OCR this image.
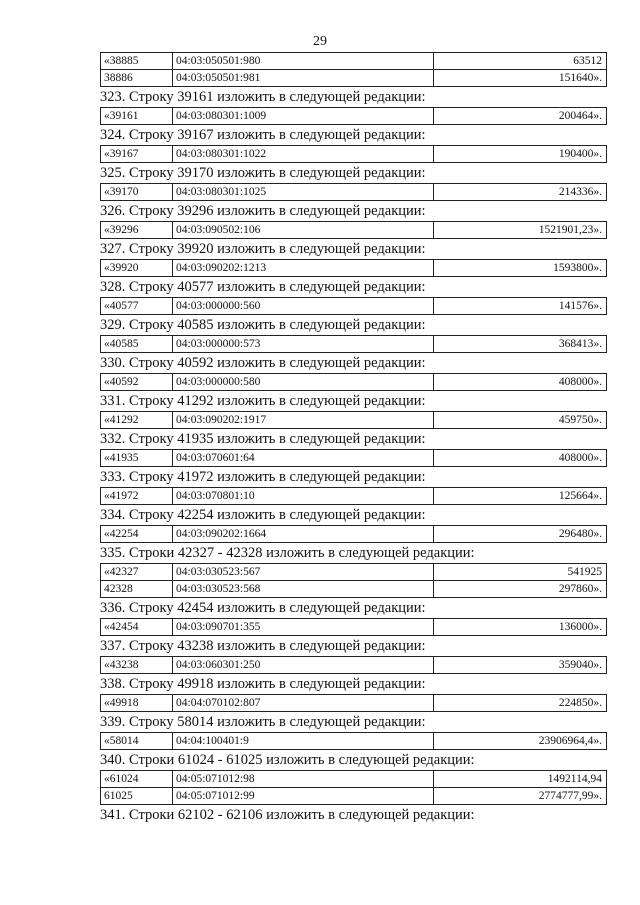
29
«38885	04:03:050501:980	63512
38886	04:03:050501:981	151640».
323. Строку 39161 изложить в следующей редакции:
«39161	04:03:080301:1009	200464».
324. Строку 39167 изложить в следующей редакции:
«39167	04:03:080301:1022	190400».
325. Строку 39170 изложить в следующей редакции:
«39170	04:03:080301:1025	214336».
326. Строку 39296 изложить в следующей редакции:
«39296	04:03:090502:106	1521901,23».
327. Строку 39920 изложить в следующей редакции:
«39920	04:03:090202:1213	1593800».
328. Строку 40577 изложить в следующей редакции:
«40577	04:03:000000:560	141576».
329. Строку 40585 изложить в следующей редакции:
«40585	04:03:000000:573	368413».
330. Строку 40592 изложить в следующей редакции:
«40592	04:03:000000:580	408000».
331. Строку 41292 изложить в следующей редакции:
«41292	04:03:090202:1917	459750».
332. Строку 41935 изложить в следующей редакции:
«41935	04:03:070601:64	408000».
333. Строку 41972 изложить в следующей редакции:
«41972	04:03:070801:10	125664».
334. Строку 42254 изложить в следующей редакции:
«42254	04:03:090202:1664	296480».
335. Строки 42327 - 42328 изложить в следующей редакции:
«42327	04:03:030523:567	541925
42328	04:03:030523:568	297860».
336. Строку 42454 изложить в следующей редакции:
«42454	04:03:090701:355	136000».
337. Строку 43238 изложить в следующей редакции:
«43238	04:03:060301:250	359040».
338. Строку 49918 изложить в следующей редакции:
«49918	04:04:070102:807	224850».
339. Строку 58014 изложить в следующей редакции:
«58014	04:04:100401:9	23906964,4».
340. Строки 61024 - 61025 изложить в следующей редакции:
«61024	04:05:071012:98	1492114,94
61025	04:05:071012:99	2774777,99».
341. Строки 62102 - 62106 изложить в следующей редакции:
